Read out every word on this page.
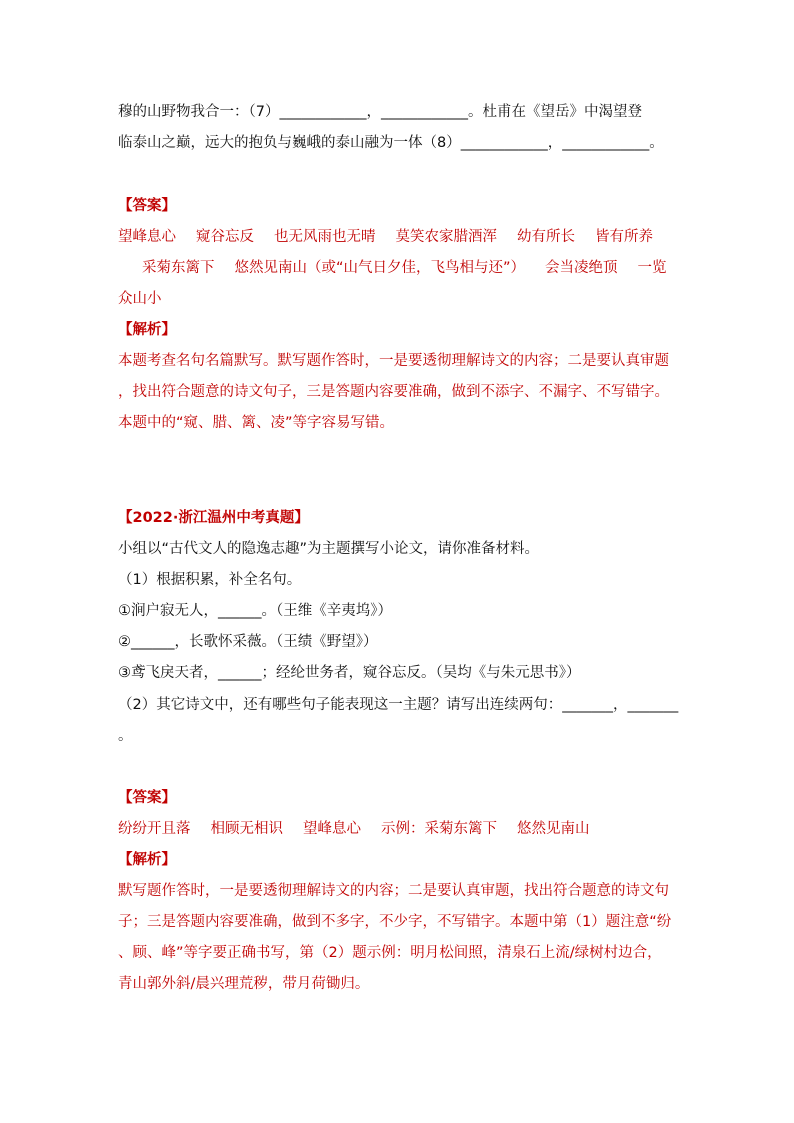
穆的山野物我合一：（7）____________，____________。杜甫在《望岳》中渴望登
临泰山之巅，远大的抱负与巍峨的泰山融为一体（8）____________，____________。
【答案】
望峰息心 窥谷忘反 也无风雨也无晴 莫笑农家腊酒浑 幼有所长 皆有所养
采菊东篱下 悠然见南山（或“山气日夕佳，飞鸟相与还”） 会当凌绝顶 一览
众山小
【解析】
本题考查名句名篇默写。默写题作答时，一是要透彻理解诗文的内容；二是要认真审题
，找出符合题意的诗文句子，三是答题内容要准确，做到不添字、不漏字、不写错字。
本题中的“窥、腊、篱、凌”等字容易写错。
【2022·浙江温州中考真题】
小组以“古代文人的隐逸志趣”为主题撰写小论文，请你准备材料。
（1）根据积累，补全名句。
①涧户寂无人，______。（王维《辛夷坞》）
②______，长歌怀采薇。（王绩《野望》）
③鸢飞戾天者，______；经纶世务者，窥谷忘反。（吴均《与朱元思书》）
（2）其它诗文中，还有哪些句子能表现这一主题？请写出连续两句：_______，_______
。
【答案】
纷纷开且落 相顾无相识 望峰息心 示例：采菊东篱下 悠然见南山
【解析】
默写题作答时，一是要透彻理解诗文的内容；二是要认真审题，找出符合题意的诗文句
子；三是答题内容要准确，做到不多字，不少字，不写错字。本题中第（1）题注意“纷
、顾、峰”等字要正确书写，第（2）题示例：明月松间照，清泉石上流/绿树村边合，
青山郭外斜/晨兴理荒秽，带月荷锄归。
